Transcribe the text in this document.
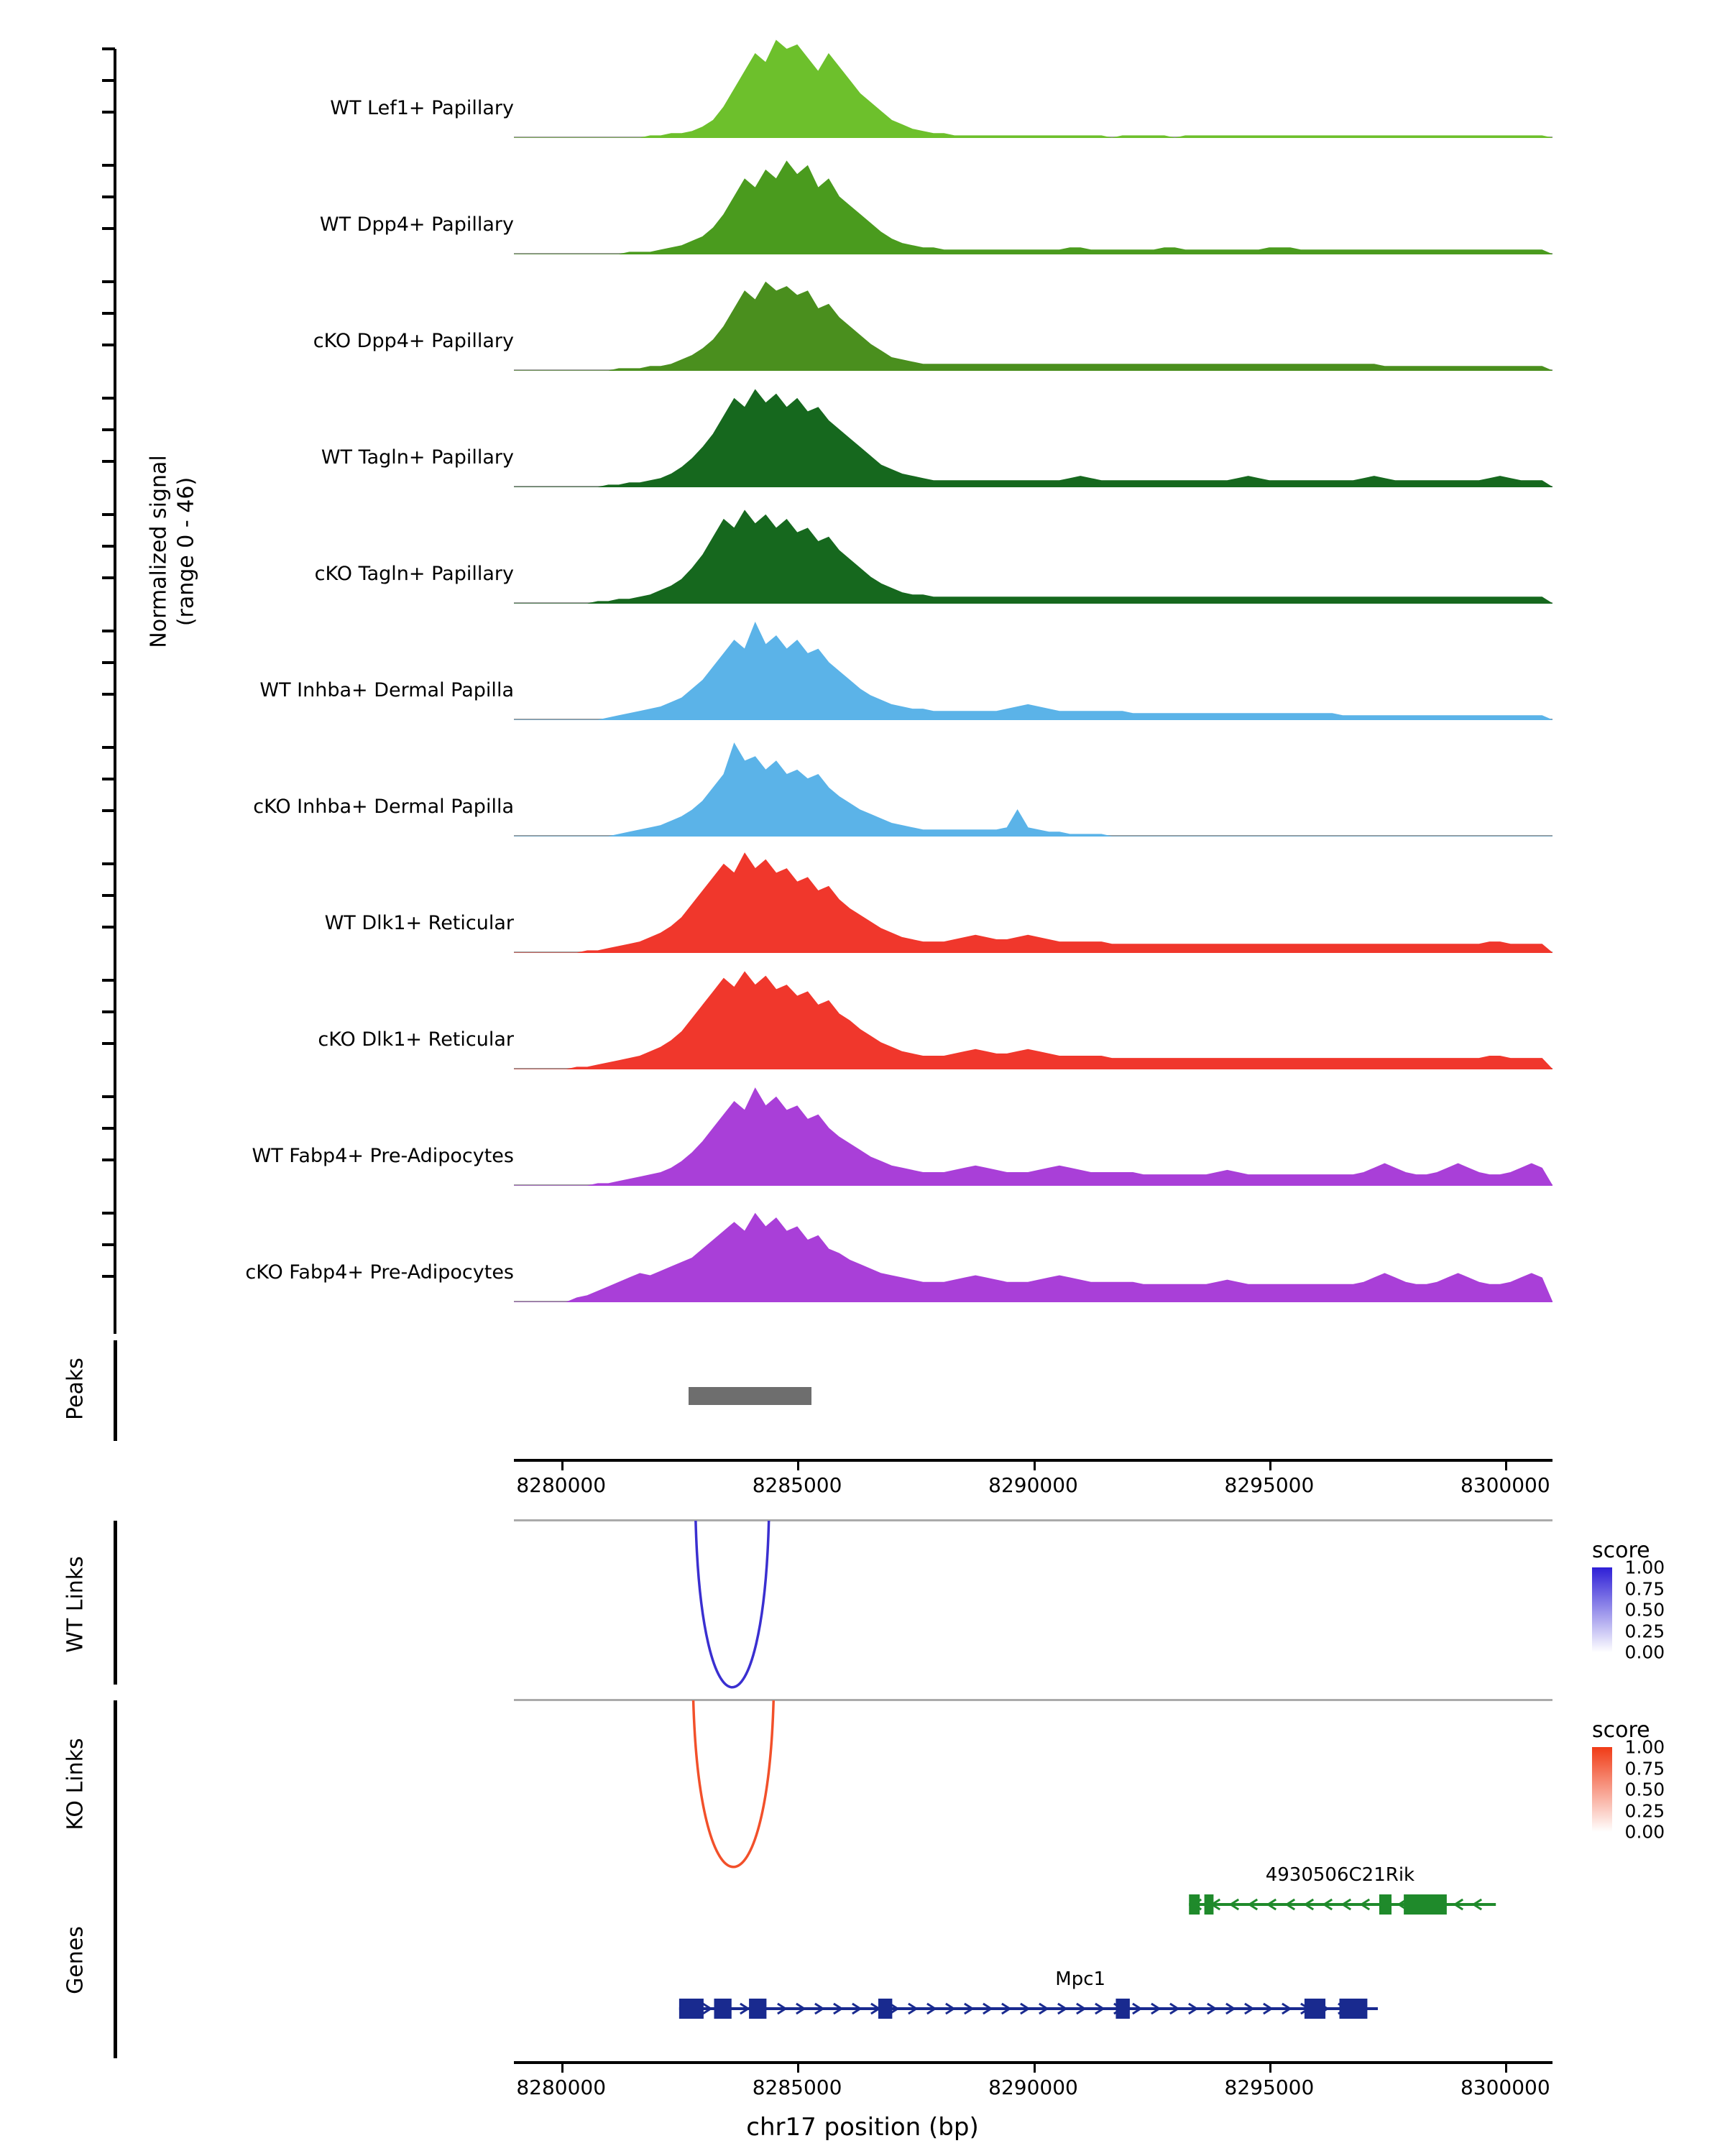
Normalized signal
(range 0 - 46)
WT Lef1+ Papillary
WT Dpp4+ Papillary
cKO Dpp4+ Papillary
WT Tagln+ Papillary
cKO Tagln+ Papillary
WT Inhba+ Dermal Papilla
cKO Inhba+ Dermal Papilla
WT Dlk1+ Reticular
cKO Dlk1+ Reticular
WT Fabp4+ Pre-Adipocytes
cKO Fabp4+ Pre-Adipocytes
Peaks
8280000	8285000	8290000	8295000	8300000
WT Links
score

1.00
0.75
0.50
0.25
0.00
KO Links
score

1.00
0.75
0.50
0.25
0.00
Genes
4930506C21Rik
Mpc1
8280000	8285000	8290000	8295000	8300000
chr17 position (bp)
